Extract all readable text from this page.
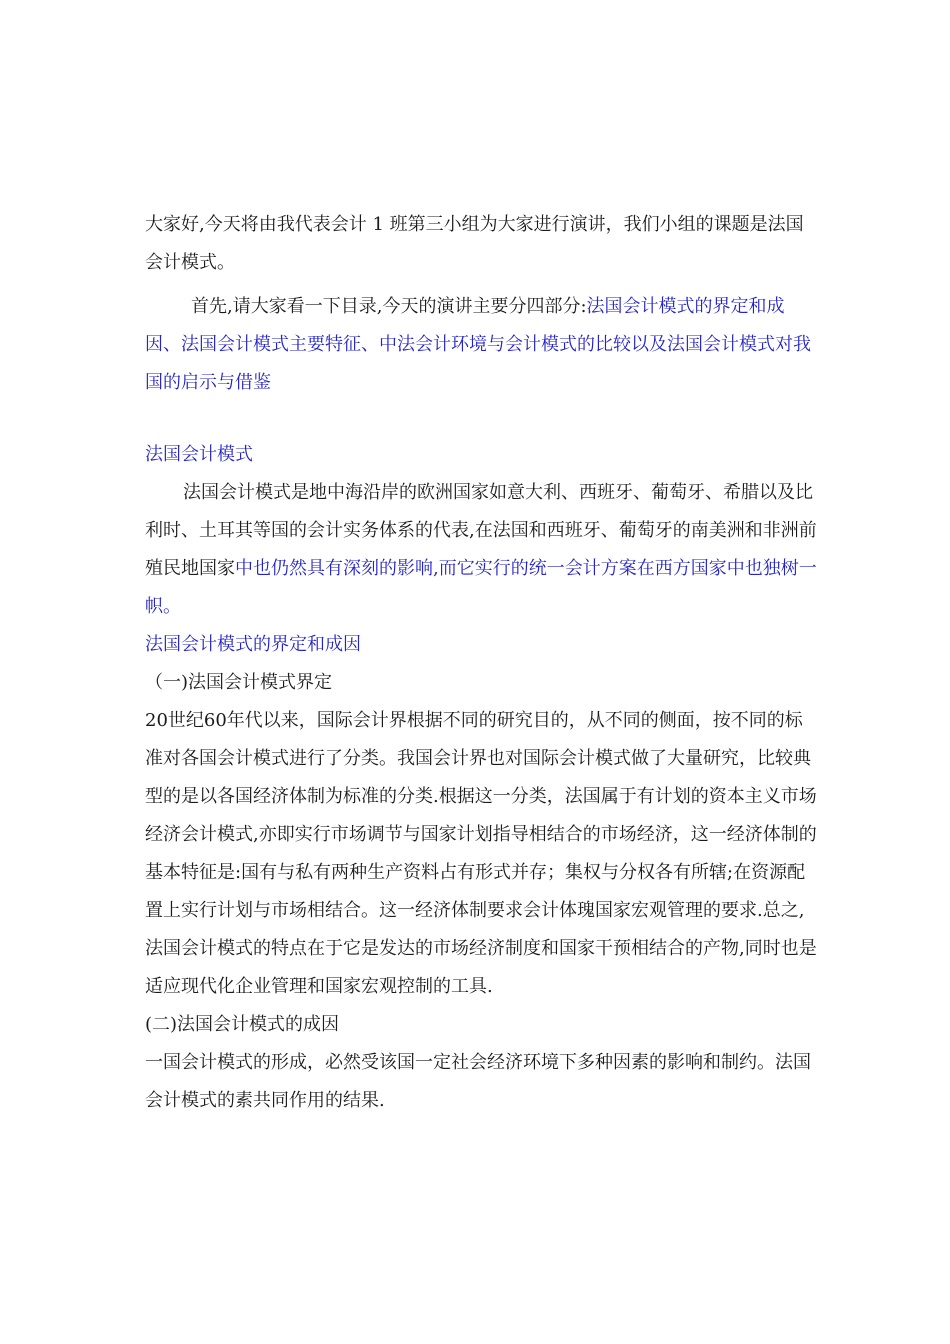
大家好,今天将由我代表会计 1 班第三小组为大家进行演讲，我们小组的课题是法国会计模式。

首先,请大家看一下目录,今天的演讲主要分四部分:法国会计模式的界定和成因、法国会计模式主要特征、中法会计环境与会计模式的比较以及法国会计模式对我国的启示与借鉴

法国会计模式

法国会计模式是地中海沿岸的欧洲国家如意大利、西班牙、葡萄牙、希腊以及比利时、土耳其等国的会计实务体系的代表,在法国和西班牙、葡萄牙的南美洲和非洲前殖民地国家中也仍然具有深刻的影响,而它实行的统一会计方案在西方国家中也独树一帜。

法国会计模式的界定和成因

（一)法国会计模式界定

20世纪60年代以来，国际会计界根据不同的研究目的，从不同的侧面，按不同的标准对各国会计模式进行了分类。我国会计界也对国际会计模式做了大量研究，比较典型的是以各国经济体制为标准的分类.根据这一分类，法国属于有计划的资本主义市场经济会计模式,亦即实行市场调节与国家计划指导相结合的市场经济，这一经济体制的基本特征是:国有与私有两种生产资料占有形式并存；集权与分权各有所辖;在资源配置上实行计划与市场相结合。这一经济体制要求会计体瑰国家宏观管理的要求.总之,法国会计模式的特点在于它是发达的市场经济制度和国家干预相结合的产物,同时也是适应现代化企业管理和国家宏观控制的工具.

(二)法国会计模式的成因

一国会计模式的形成，必然受该国一定社会经济环境下多种因素的影响和制约。法国会计模式的素共同作用的结果.
